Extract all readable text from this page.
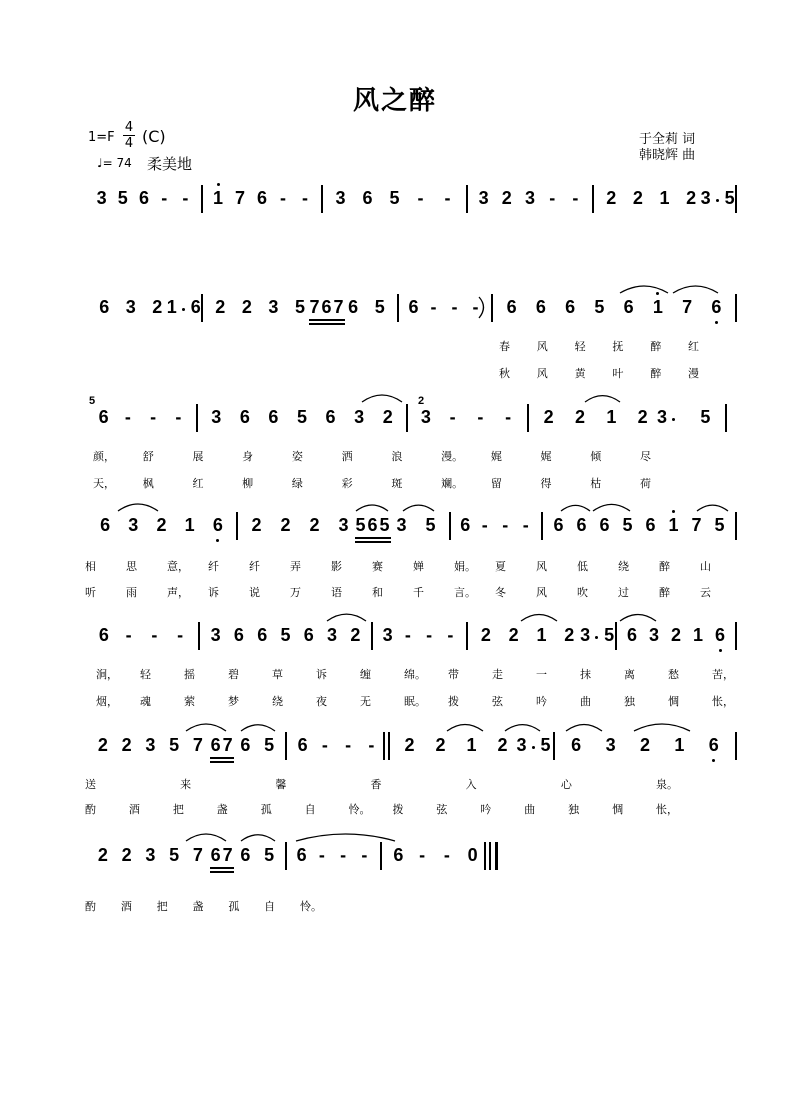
风之醉
1=F
4
4 (C)
♩= 74 柔美地
于全莉 词
韩晓辉 曲
3 5 6 - - 1 7 6 - - 3 6 5 - - 3 2 3 - - 2 2 1 2 3 5
6 3 2 1 6 2 2 3 5 7 6 7 6 5 6 - - - 6 6 6 5 6 1 7 6
春 风 轻 抚 醉 红
秋 风 黄 叶 醉 漫
6 - - - 3 6 6 5 6 3 2 3 - - - 2 2 1 2 3 5
5	2
颜，	舒	展	身	姿	洒	浪	漫。	娓	娓	倾	尽
天，	枫	红	柳	绿	彩	斑	斓。	留	得	枯	荷
6 3 2 1 6 2 2 2 3 5 6 5 3 5 6 - - - 6 6 6 5 6 1 7 5
相	思	意， 纤	纤	弄	影	赛	婵	娟。 夏	风	低	绕	醉	山
听	雨	声， 诉	说	万	语	和	千	言。 冬	风	吹	过	醉	云
6 - - - 3 6 6 5 6 3 2 3 - - - 2 2 1 2 3 5 6 3 2 1 6
涧， 轻	摇	碧	草	诉	缠	绵。 带	走	一	抹	离	愁	苦，
烟， 魂	萦	梦	绕	夜	无	眠。 拨	弦	吟	曲	独	惆	怅，
2 2 3 5 7 6 7 6 5 6 - - - 2 2 1 2 3 5 6 3 2 1 6
送	来	馨	香	入	心	泉。
酌	酒	把	盏	孤	自	怜。 拨	弦	吟	曲	独	惆	怅，
2 2 3 5 7 6 7 6 5 6 - - - 6 - - 0
酌 酒 把 盏 孤 自 怜。
